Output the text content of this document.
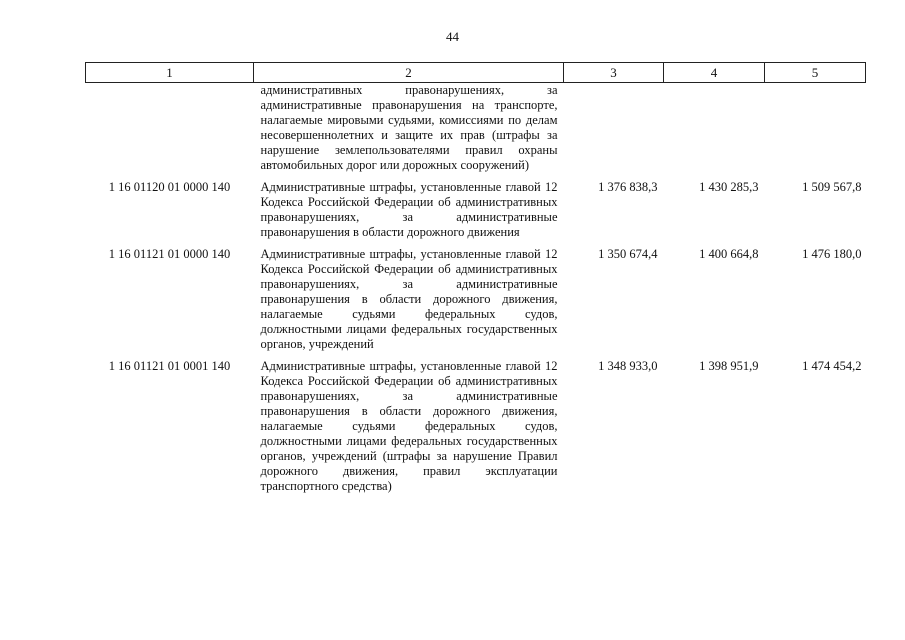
44
1	2	3	4	5
	административных правонарушениях, за административные правонарушения на транспорте, налагаемые мировыми судьями, комиссиями по делам несовершеннолетних и защите их прав (штрафы за нарушение землепользователями правил охраны автомобильных дорог или дорожных сооружений)			
1 16 01120 01 0000 140	Административные штрафы, установленные главой 12 Кодекса Российской Федерации об административных правонарушениях, за административные правонарушения в области дорожного движения	1 376 838,3	1 430 285,3	1 509 567,8
1 16 01121 01 0000 140	Административные штрафы, установленные главой 12 Кодекса Российской Федерации об административных правонарушениях, за административные правонарушения в области дорожного движения, налагаемые судьями федеральных судов, должностными лицами федеральных государственных органов, учреждений	1 350 674,4	1 400 664,8	1 476 180,0
1 16 01121 01 0001 140	Административные штрафы, установленные главой 12 Кодекса Российской Федерации об административных правонарушениях, за административные правонарушения в области дорожного движения, налагаемые судьями федеральных судов, должностными лицами федеральных государственных органов, учреждений (штрафы за нарушение Правил дорожного движения, правил эксплуатации транспортного средства)	1 348 933,0	1 398 951,9	1 474 454,2
